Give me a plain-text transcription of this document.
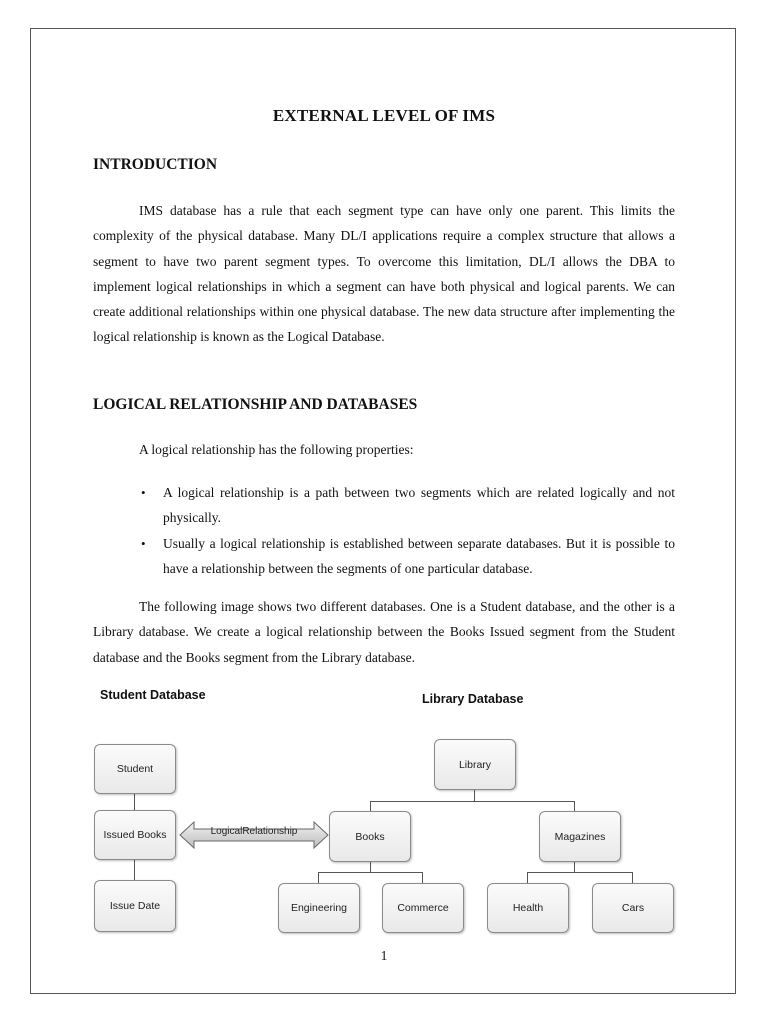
EXTERNAL LEVEL OF IMS
INTRODUCTION
IMS database has a rule that each segment type can have only one parent. This limits the complexity of the physical database. Many DL/I applications require a complex structure that allows a segment to have two parent segment types. To overcome this limitation, DL/I allows the DBA to implement logical relationships in which a segment can have both physical and logical parents. We can create additional relationships within one physical database. The new data structure after implementing the logical relationship is known as the Logical Database.
LOGICAL RELATIONSHIP AND DATABASES
A logical relationship has the following properties:
• A logical relationship is a path between two segments which are related logically and not physically.
• Usually a logical relationship is established between separate databases. But it is possible to have a relationship between the segments of one particular database.
The following image shows two different databases. One is a Student database, and the other is a Library database. We create a logical relationship between the Books Issued segment from the Student database and the Books segment from the Library database.
Student Database	Library Database
Student
Issued Books
Issue Date
LogicalRelationship
Library
Books	Magazines
Engineering	Commerce	Health	Cars
1
